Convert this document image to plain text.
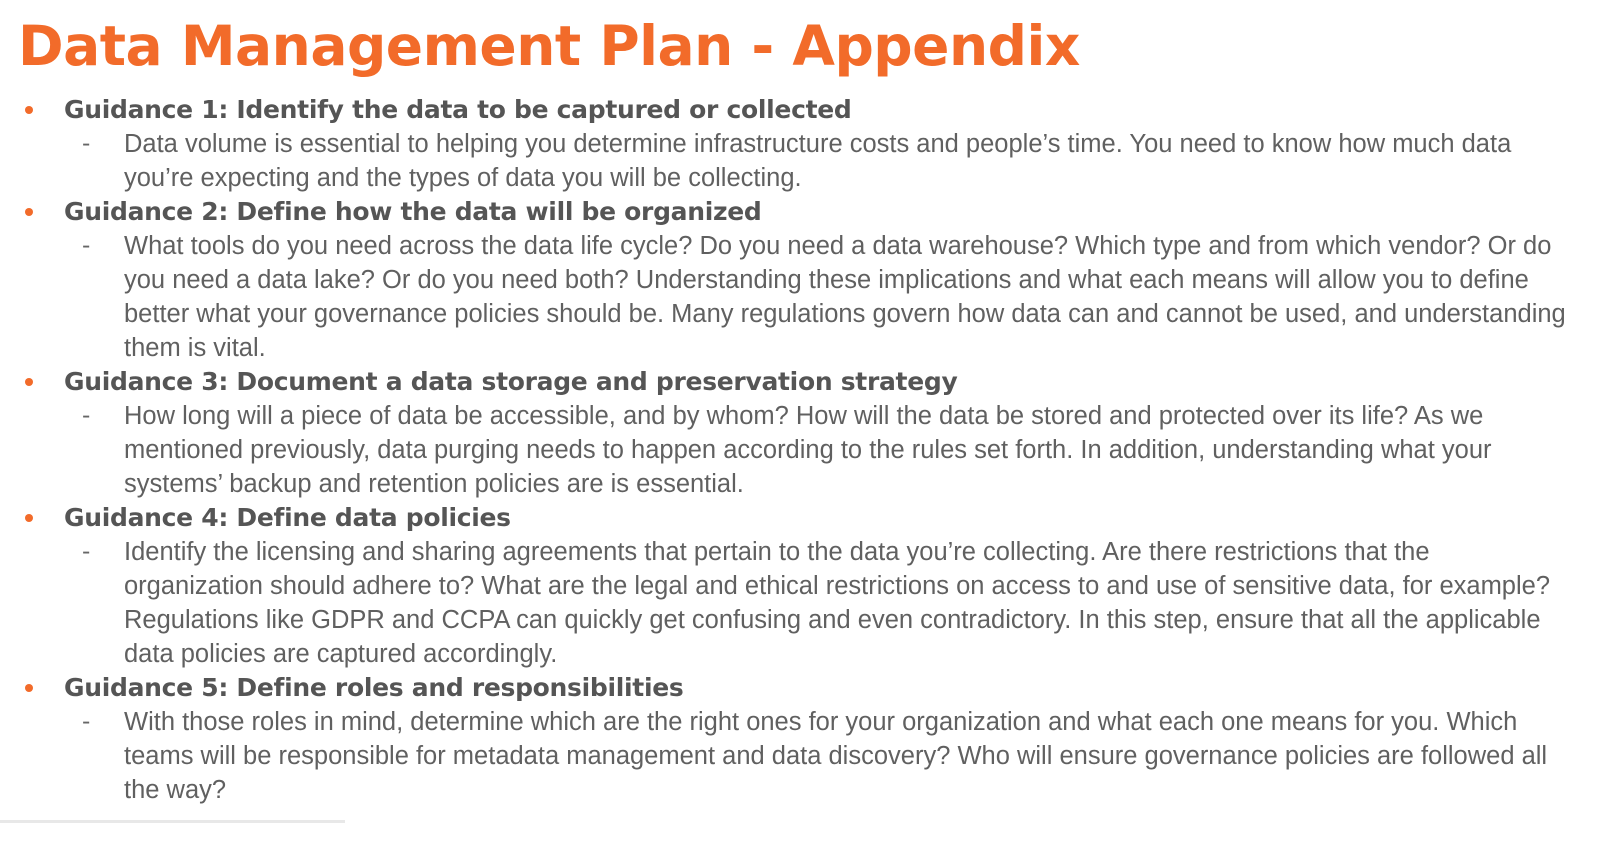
Data Management Plan - Appendix

Guidance 1: Identify the data to be captured or collected

- Data volume is essential to helping you determine infrastructure costs and people’s time. You need to know how much data you’re expecting and the types of data you will be collecting.

Guidance 2: Define how the data will be organized

- What tools do you need across the data life cycle? Do you need a data warehouse? Which type and from which vendor? Or do you need a data lake? Or do you need both? Understanding these implications and what each means will allow you to define better what your governance policies should be. Many regulations govern how data can and cannot be used, and understanding them is vital.

Guidance 3: Document a data storage and preservation strategy

- How long will a piece of data be accessible, and by whom? How will the data be stored and protected over its life? As we mentioned previously, data purging needs to happen according to the rules set forth. In addition, understanding what your systems’ backup and retention policies are is essential.

Guidance 4: Define data policies

- Identify the licensing and sharing agreements that pertain to the data you’re collecting. Are there restrictions that the organization should adhere to? What are the legal and ethical restrictions on access to and use of sensitive data, for example? Regulations like GDPR and CCPA can quickly get confusing and even contradictory. In this step, ensure that all the applicable data policies are captured accordingly.

Guidance 5: Define roles and responsibilities

- With those roles in mind, determine which are the right ones for your organization and what each one means for you. Which teams will be responsible for metadata management and data discovery? Who will ensure governance policies are followed all the way?
